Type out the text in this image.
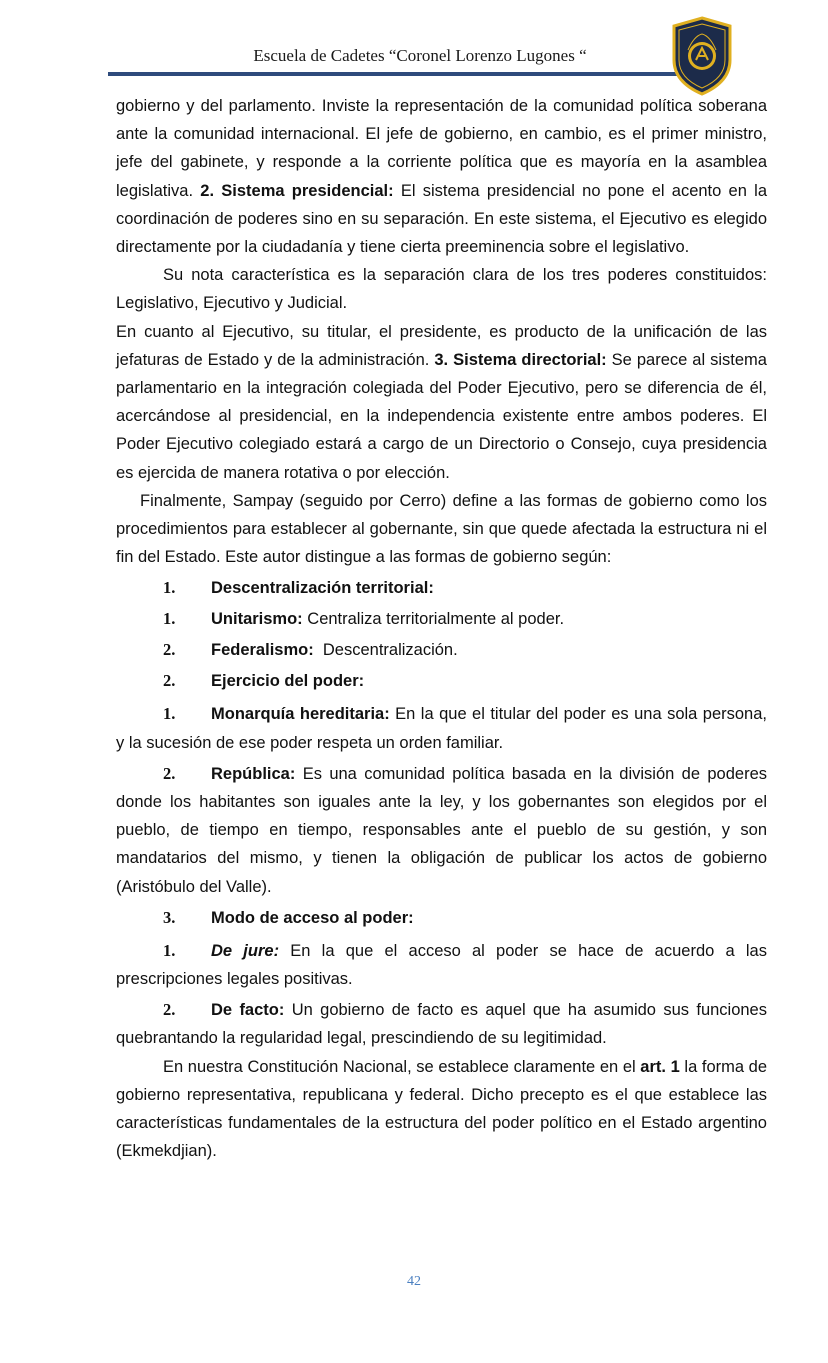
Escuela de Cadetes “Coronel Lorenzo Lugones “

gobierno y del parlamento. Inviste la representación de la comunidad política soberana ante la comunidad internacional. El jefe de gobierno, en cambio, es el primer ministro, jefe del gabinete, y responde a la corriente política que es mayoría en la asamblea legislativa. 2. Sistema presidencial: El sistema presidencial no pone el acento en la coordinación de poderes sino en su separación. En este sistema, el Ejecutivo es elegido directamente por la ciudadanía y tiene cierta preeminencia sobre el legislativo.

Su nota característica es la separación clara de los tres poderes constituidos: Legislativo, Ejecutivo y Judicial.

En cuanto al Ejecutivo, su titular, el presidente, es producto de la unificación de las jefaturas de Estado y de la administración. 3. Sistema directorial: Se parece al sistema parlamentario en la integración colegiada del Poder Ejecutivo, pero se diferencia de él, acercándose al presidencial, en la independencia existente entre ambos poderes. El Poder Ejecutivo colegiado estará a cargo de un Directorio o Consejo, cuya presidencia es ejercida de manera rotativa o por elección.

Finalmente, Sampay (seguido por Cerro) define a las formas de gobierno como los procedimientos para establecer al gobernante, sin que quede afectada la estructura ni el fin del Estado. Este autor distingue a las formas de gobierno según:

1.	Descentralización territorial:
1.	Unitarismo: Centraliza territorialmente al poder.
2.	Federalismo:  Descentralización.
2.	Ejercicio del poder:

1. Monarquía hereditaria: En la que el titular del poder es una sola persona, y la sucesión de ese poder respeta un orden familiar.

2. República: Es una comunidad política basada en la división de poderes donde los habitantes son iguales ante la ley, y los gobernantes son elegidos por el pueblo, de tiempo en tiempo, responsables ante el pueblo de su gestión, y son mandatarios del mismo, y tienen la obligación de publicar los actos de gobierno (Aristóbulo del Valle).

3.	Modo de acceso al poder:

1. De jure: En la que el acceso al poder se hace de acuerdo a las prescripciones legales positivas.

2. De facto: Un gobierno de facto es aquel que ha asumido sus funciones quebrantando la regularidad legal, prescindiendo de su legitimidad.

En nuestra Constitución Nacional, se establece claramente en el art. 1 la forma de gobierno representativa, republicana y federal. Dicho precepto es el que establece las características fundamentales de la estructura del poder político en el Estado argentino (Ekmekdjian).

42
